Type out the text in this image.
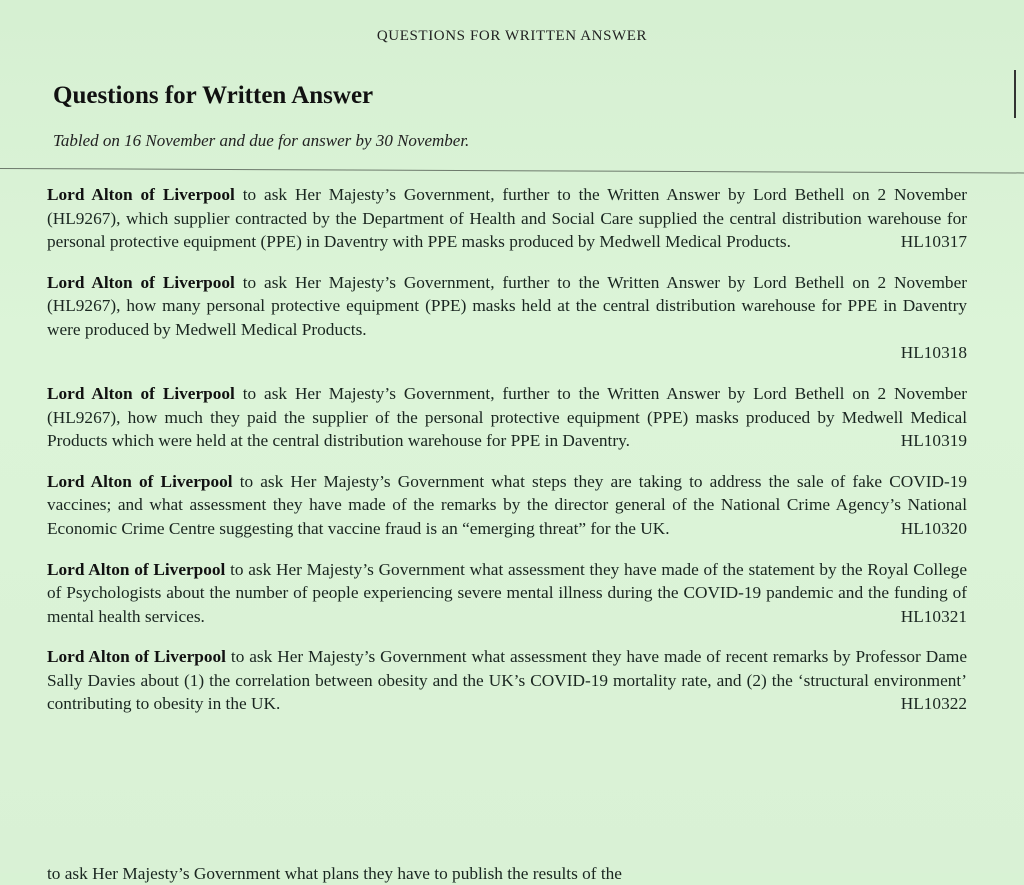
QUESTIONS FOR WRITTEN ANSWER
Questions for Written Answer
Tabled on 16 November and due for answer by 30 November.

Lord Alton of Liverpool to ask Her Majesty’s Government, further to the Written Answer by Lord Bethell on 2 November (HL9267), which supplier contracted by the Department of Health and Social Care supplied the central distribution warehouse for personal protective equipment (PPE) in Daventry with PPE masks produced by Medwell Medical Products.	HL10317

Lord Alton of Liverpool to ask Her Majesty’s Government, further to the Written Answer by Lord Bethell on 2 November (HL9267), how many personal protective equipment (PPE) masks held at the central distribution warehouse for PPE in Daventry were produced by Medwell Medical Products.
HL10318

Lord Alton of Liverpool to ask Her Majesty’s Government, further to the Written Answer by Lord Bethell on 2 November (HL9267), how much they paid the supplier of the personal protective equipment (PPE) masks produced by Medwell Medical Products which were held at the central distribution warehouse for PPE in Daventry.	HL10319

Lord Alton of Liverpool to ask Her Majesty’s Government what steps they are taking to address the sale of fake COVID-19 vaccines; and what assessment they have made of the remarks by the director general of the National Crime Agency’s National Economic Crime Centre suggesting that vaccine fraud is an “emerging threat” for the UK.	HL10320

Lord Alton of Liverpool to ask Her Majesty’s Government what assessment they have made of the statement by the Royal College of Psychologists about the number of people experiencing severe mental illness during the COVID-19 pandemic and the funding of mental health services.	HL10321

Lord Alton of Liverpool to ask Her Majesty’s Government what assessment they have made of recent remarks by Professor Dame Sally Davies about (1) the correlation between obesity and the UK’s COVID-19 mortality rate, and (2) the ‘structural environment’ contributing to obesity in the UK.	HL10322

to ask Her Majesty’s Government what plans they have to publish the results of the
